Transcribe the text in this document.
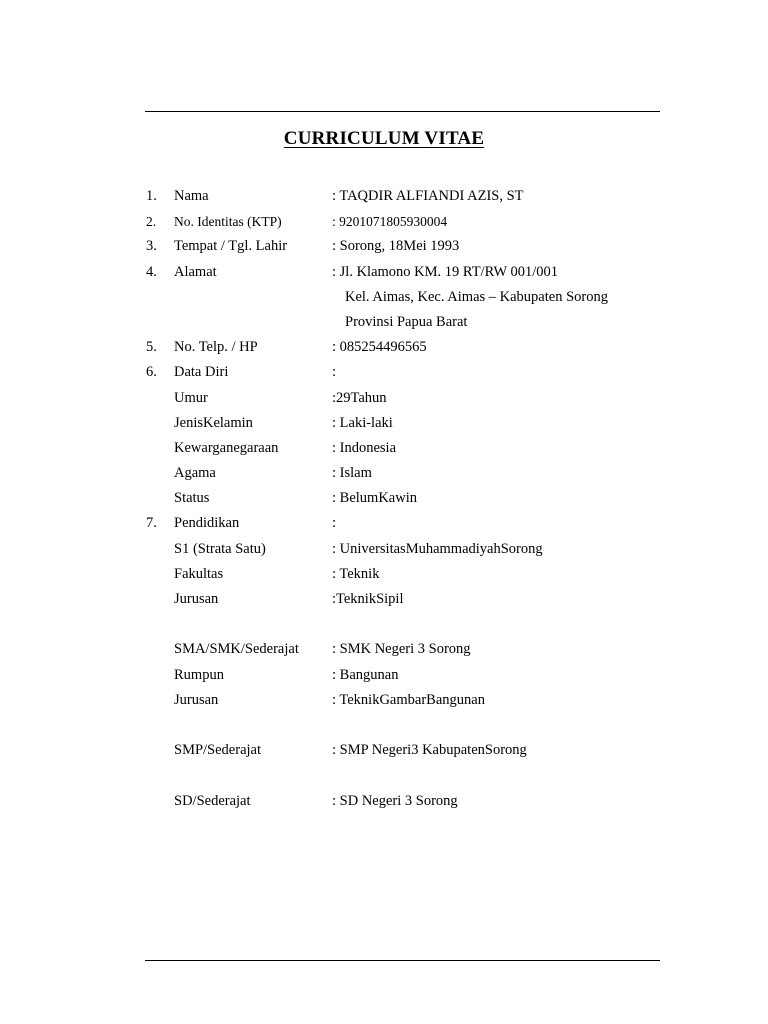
CURRICULUM VITAE
1. Nama	: TAQDIR ALFIANDI AZIS, ST
2. No. Identitas (KTP)	: 9201071805930004
3. Tempat / Tgl. Lahir	: Sorong, 18Mei 1993
4. Alamat	: Jl. Klamono KM. 19 RT/RW 001/001
Kel. Aimas, Kec. Aimas – Kabupaten Sorong
Provinsi Papua Barat
5. No. Telp. / HP	: 085254496565
6. Data Diri	:
Umur	:29Tahun
JenisKelamin	: Laki-laki
Kewarganegaraan	: Indonesia
Agama	: Islam
Status	: BelumKawin
7. Pendidikan	:
S1 (Strata Satu)	: UniversitasMuhammadiyahSorong
Fakultas	: Teknik
Jurusan	:TeknikSipil
SMA/SMK/Sederajat : SMK Negeri 3 Sorong
Rumpun	: Bangunan
Jurusan	: TeknikGambarBangunan
SMP/Sederajat	: SMP Negeri3 KabupatenSorong
SD/Sederajat	: SD Negeri 3 Sorong
